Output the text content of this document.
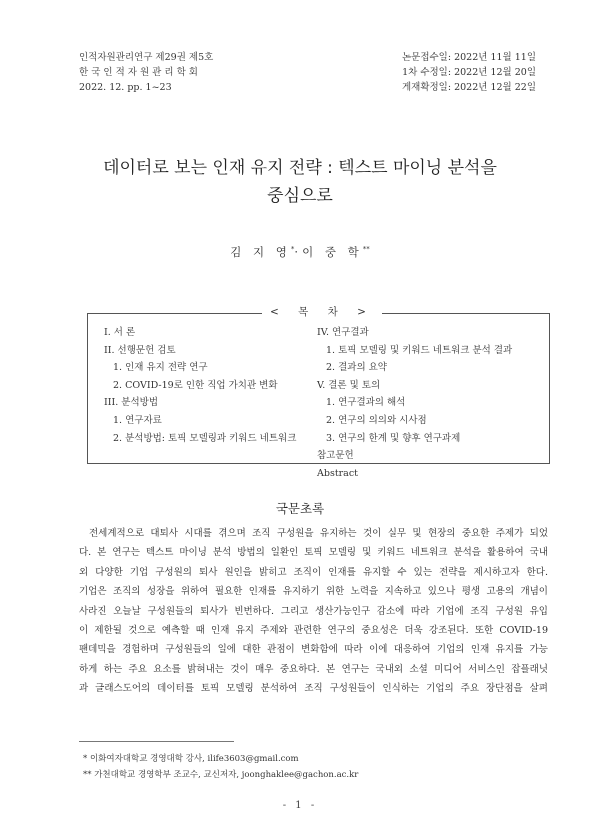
인적자원관리연구 제29권 제5호
한 국 인 적 자 원 관 리 학 회
2022. 12. pp. 1~23
논문접수일: 2022년 11월 11일
1차 수정일: 2022년 12월 20일
게재확정일: 2022년 12월 22일
데이터로 보는 인재 유지 전략 : 텍스트 마이닝 분석을
중심으로
김 지 영*·이 중 학**
< 목 차 >
I. 서 론
II. 선행문헌 검토
1. 인재 유지 전략 연구
2. COVID-19로 인한 직업 가치관 변화
III. 분석방법
1. 연구자료
2. 분석방법: 토픽 모델링과 키워드 네트워크
IV. 연구결과
1. 토픽 모델링 및 키워드 네트워크 분석 결과
2. 결과의 요약
V. 결론 및 토의
1. 연구결과의 해석
2. 연구의 의의와 시사점
3. 연구의 한계 및 향후 연구과제
참고문헌
Abstract
국문초록
전세계적으로 대퇴사 시대를 겪으며 조직 구성원을 유지하는 것이 실무 및 현장의 중요한 주제가 되었
다. 본 연구는 텍스트 마이닝 분석 방법의 일환인 토픽 모델링 및 키워드 네트워크 분석을 활용하여 국내
외 다양한 기업 구성원의 퇴사 원인을 밝히고 조직이 인재를 유지할 수 있는 전략을 제시하고자 한다.
기업은 조직의 성장을 위하여 필요한 인재를 유지하기 위한 노력을 지속하고 있으나 평생 고용의 개념이
사라진 오늘날 구성원들의 퇴사가 빈번하다. 그리고 생산가능인구 감소에 따라 기업에 조직 구성원 유입
이 제한될 것으로 예측할 때 인재 유지 주제와 관련한 연구의 중요성은 더욱 강조된다. 또한 COVID-19
팬데믹을 경험하며 구성원들의 일에 대한 관점이 변화함에 따라 이에 대응하여 기업의 인재 유지를 가능
하게 하는 주요 요소를 밝혀내는 것이 매우 중요하다. 본 연구는 국내외 소셜 미디어 서비스인 잡플래닛
과 글래스도어의 데이터를 토픽 모델링 분석하여 조직 구성원들이 인식하는 기업의 주요 장단점을 살펴
* 이화여자대학교 경영대학 강사, ilife3603@gmail.com
** 가천대학교 경영학부 조교수, 교신저자, joonghaklee@gachon.ac.kr
- 1 -
